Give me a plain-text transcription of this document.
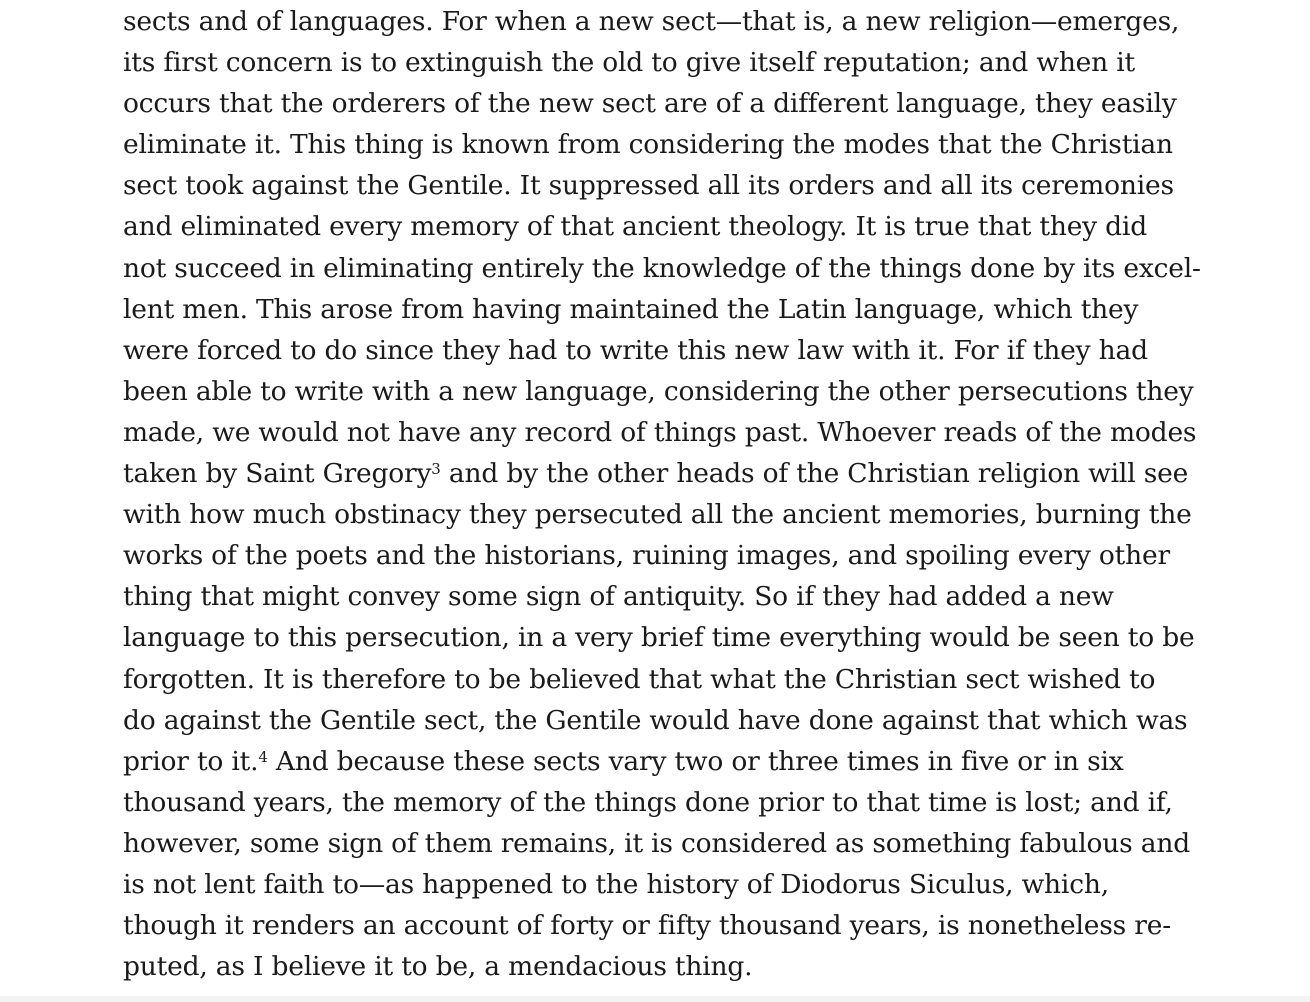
sects and of languages. For when a new sect—that is, a new religion—emerges,
its first concern is to extinguish the old to give itself reputation; and when it
occurs that the orderers of the new sect are of a different language, they easily
eliminate it. This thing is known from considering the modes that the Christian
sect took against the Gentile. It suppressed all its orders and all its ceremonies
and eliminated every memory of that ancient theology. It is true that they did
not succeed in eliminating entirely the knowledge of the things done by its excel-
lent men. This arose from having maintained the Latin language, which they
were forced to do since they had to write this new law with it. For if they had
been able to write with a new language, considering the other persecutions they
made, we would not have any record of things past. Whoever reads of the modes
taken by Saint Gregory$^3$ and by the other heads of the Christian religion will see
with how much obstinacy they persecuted all the ancient memories, burning the
works of the poets and the historians, ruining images, and spoiling every other
thing that might convey some sign of antiquity. So if they had added a new
language to this persecution, in a very brief time everything would be seen to be
forgotten. It is therefore to be believed that what the Christian sect wished to
do against the Gentile sect, the Gentile would have done against that which was
prior to it.$^4$ And because these sects vary two or three times in five or in six
thousand years, the memory of the things done prior to that time is lost; and if,
however, some sign of them remains, it is considered as something fabulous and
is not lent faith to—as happened to the history of Diodorus Siculus, which,
though it renders an account of forty or fifty thousand years, is nonetheless re-
puted, as I believe it to be, a mendacious thing.
